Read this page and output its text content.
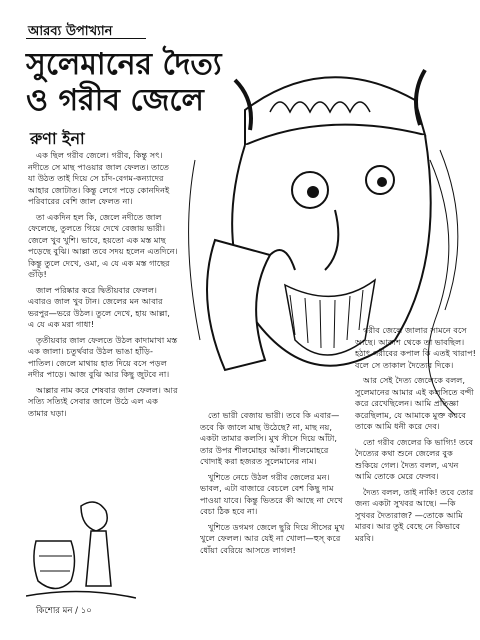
আরব্য উপাখ্যান
সুলেমানের দৈত্য
ও গরীব জেলে
রুণা ইনা

এক ছিল গরীব জেলে। গরীব, কিন্তু সৎ। নদীতে সে মাছ পাওয়ার জাল ফেলত। তাতে যা উঠত তাই দিয়ে সে চাঁদ-বেগম-কন্যাদের আহার জোটাত। কিন্তু লেগে পড়ে কোনদিনই পরিবারের বেশি জাল ফেলত না।

তা একদিন হল কি, জেলে নদীতে জাল ফেলেছে, তুলতে গিয়ে দেখে বেজায় ভারী। জেলে খুব খুশি। ভাবে, হয়তো এক মস্ত মাছ পড়েছে বুঝি। আল্লা তবে সদয় হলেন এতদিনে। কিন্তু তুলে দেখে, ওমা, এ যে এক মস্ত গাছের গুঁড়ি!

জাল পরিষ্কার করে দ্বিতীয়বার ফেলল। এবারও জাল খুব টান। জেলের মন আবার ভরপুর—ভরে উঠল। তুলে দেখে, হায় আল্লা, এ যে এক মরা গাধা!

তৃতীয়বার জাল ফেলতে উঠল কাদামাখা মস্ত এক জালা। চতুর্থবার উঠল ভাঙা হাঁড়ি-পাতিল। জেলে মাথায় হাত দিয়ে বসে পড়ল নদীর পাড়ে। আজ বুঝি আর কিছু জুটবে না।

আল্লার নাম করে শেষবার জাল ফেলল। আর সত্যি সত্যিই সেবার জালে উঠে এল এক তামার ঘড়া।	তো ভারী বেজায় ভারী। তবে কি এবার—তবে কি জালে মাছ উঠেছে? না, মাছ নয়, একটা তামার কলসি। মুখ সীসে দিয়ে আঁটা, তার উপর শীলমোহর আঁকা। শীলমোহরে খোদাই করা হজরত সুলেমানের নাম।

খুশিতে নেচে উঠল গরীব জেলের মন। ভাবল, এটা বাজারে বেচলে বেশ কিছু দাম পাওয়া যাবে। কিন্তু ভিতরে কী আছে না দেখে বেচা ঠিক হবে না।

খুশিতে ডগমগ জেলে ছুরি দিয়ে সীসের মুখ খুলে ফেলল। আর যেই না খোলা—হুস্ করে ধোঁয়া বেরিয়ে আসতে লাগল!

গরীব জেলে জালার সামনে বসে আছে। আকাশ থেকে তা ভাবছিল। হঠাৎ গরীবের কপাল কি এতই খারাপ! বলে সে তাকাল দৈত্যের দিকে।

আর সেই দৈত্য জেলেকে বলল, সুলেমানের আমার এই কলসিতে বন্দী করে রেখেছিলেন। আমি প্রতিজ্ঞা করেছিলাম, যে আমাকে মুক্ত করবে তাকে আমি ধনী করে দেব।

তো গরীব জেলের কি ভাগ্যি! তবে দৈত্যের কথা শুনে জেলের বুক শুকিয়ে গেল। দৈত্য বলল, এখন আমি তোকে মেরে ফেলব।

দৈত্য বলল, তাই নাকি! তবে তোর জন্য একটা সুখবর আছে। —কি সুখবর দৈত্যরাজ? —তোকে আমি মারব। আর তুই বেছে নে কিভাবে মরবি।

কিশোর মন / ১০
